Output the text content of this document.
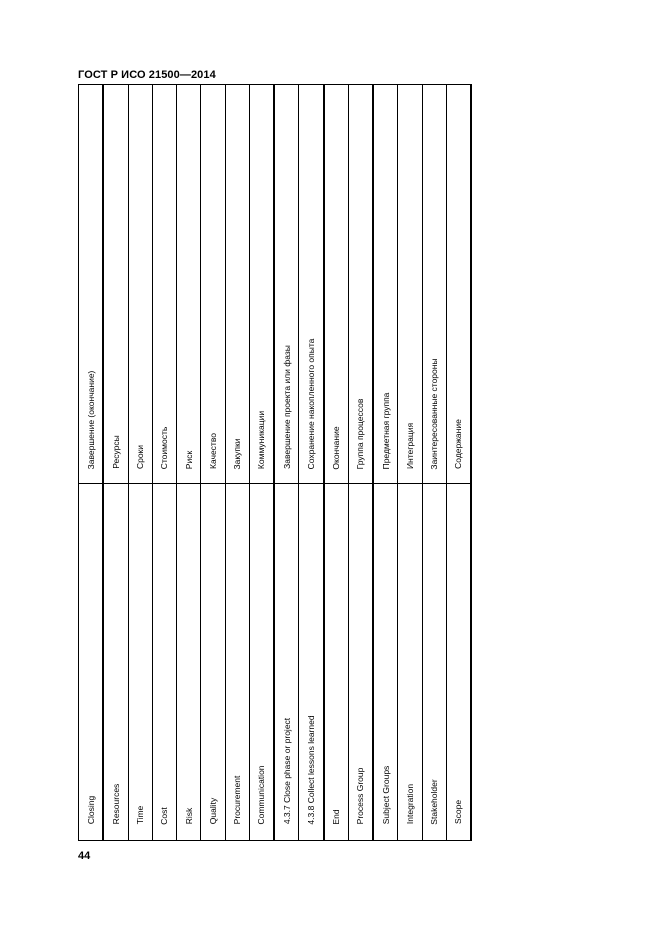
ГОСТ Р ИСО 21500—2014
Closing
Завершение (окончание)
Resources
Ресурсы
Time
Сроки
Cost
Стоимость
Risk
Риск
Quality
Качество
Procurement
Закупки
Communication
Коммуникации
4.3.7 Close phase or project
Завершение проекта или фазы
4.3.8 Collect lessons learned
Сохранение накопленного опыта
End
Окончание
Process Group
Группа процессов
Subject Groups
Предметная группа
Integration
Интеграция
Stakeholder
Заинтересованные стороны
Scope
Содержание
44
